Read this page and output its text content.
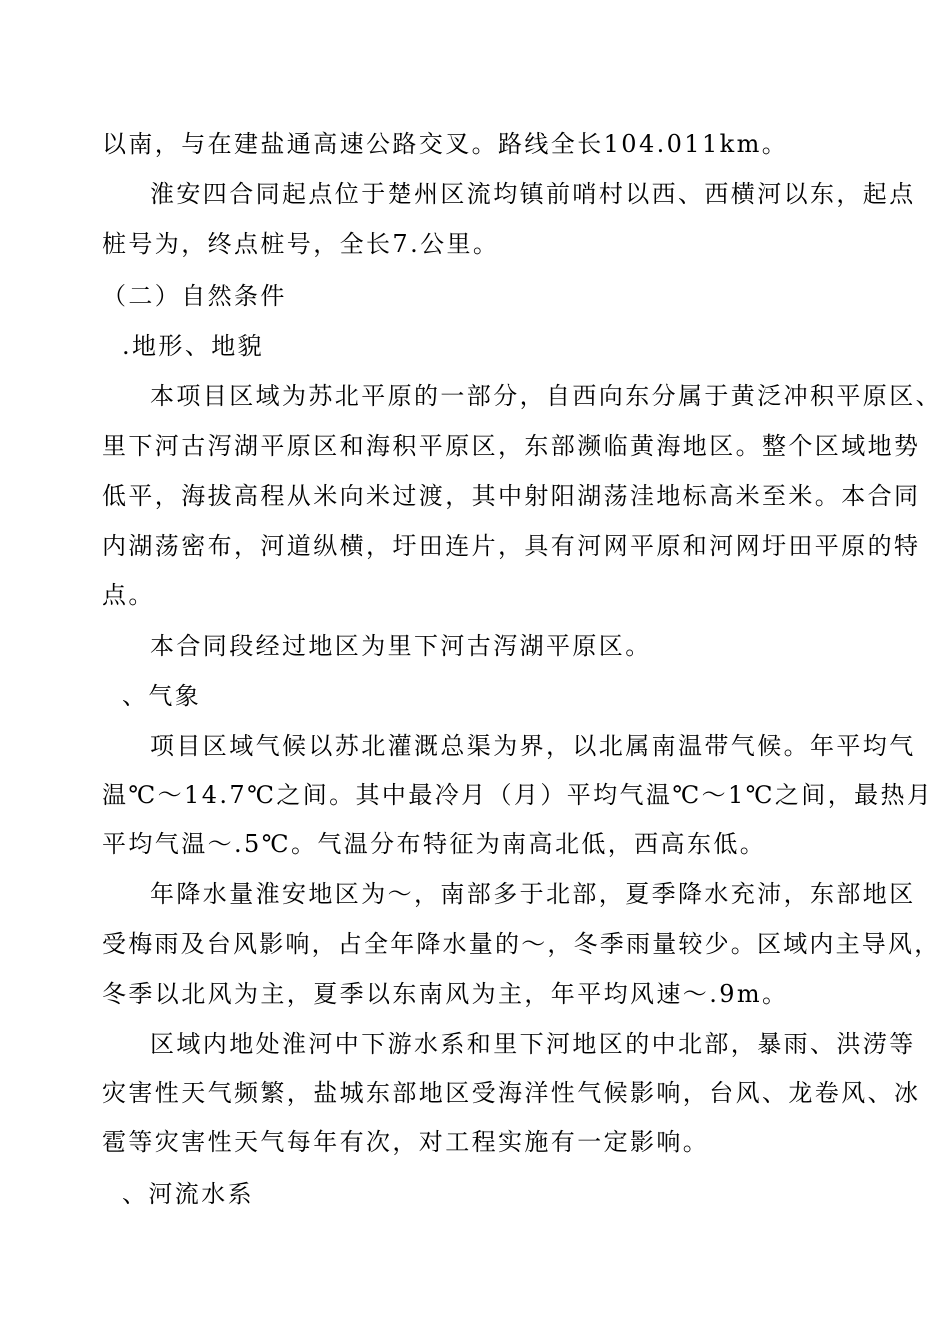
以南，与在建盐通高速公路交叉。路线全长104.011km。
淮安四合同起点位于楚州区流均镇前哨村以西、西横河以东，起点
桩号为，终点桩号，全长7.公里。
（二）自然条件
.地形、地貌
本项目区域为苏北平原的一部分，自西向东分属于黄泛冲积平原区、
里下河古泻湖平原区和海积平原区，东部濒临黄海地区。整个区域地势
低平，海拔高程从米向米过渡，其中射阳湖荡洼地标高米至米。本合同
内湖荡密布，河道纵横，圩田连片，具有河网平原和河网圩田平原的特
点。
本合同段经过地区为里下河古泻湖平原区。
、气象
项目区域气候以苏北灌溉总渠为界，以北属南温带气候。年平均气
温℃～14.7℃之间。其中最冷月（月）平均气温℃～1℃之间，最热月
平均气温～.5℃。气温分布特征为南高北低，西高东低。
年降水量淮安地区为～，南部多于北部，夏季降水充沛，东部地区
受梅雨及台风影响，占全年降水量的～，冬季雨量较少。区域内主导风，
冬季以北风为主，夏季以东南风为主，年平均风速～.9m。
区域内地处淮河中下游水系和里下河地区的中北部，暴雨、洪涝等
灾害性天气频繁，盐城东部地区受海洋性气候影响，台风、龙卷风、冰
雹等灾害性天气每年有次，对工程实施有一定影响。
、河流水系
